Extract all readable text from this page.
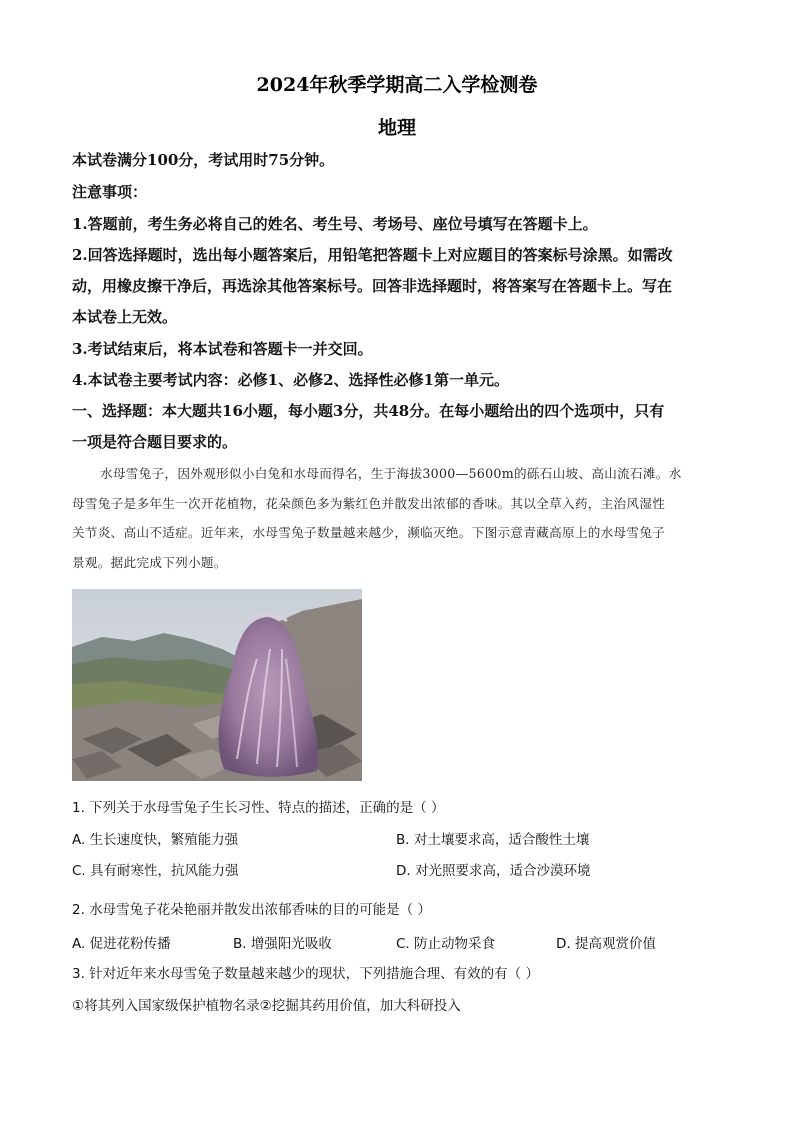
2024年秋季学期高二入学检测卷
地理
本试卷满分100分，考试用时75分钟。
注意事项：
1.答题前，考生务必将自己的姓名、考生号、考场号、座位号填写在答题卡上。
2.回答选择题时，选出每小题答案后，用铅笔把答题卡上对应题目的答案标号涂黑。如需改
动，用橡皮擦干净后，再选涂其他答案标号。回答非选择题时，将答案写在答题卡上。写在
本试卷上无效。
3.考试结束后，将本试卷和答题卡一并交回。
4.本试卷主要考试内容：必修1、必修2、选择性必修1第一单元。
一、选择题：本大题共16小题，每小题3分，共48分。在每小题给出的四个选项中，只有
一项是符合题目要求的。
水母雪兔子，因外观形似小白兔和水母而得名，生于海拔3000—5600m的砾石山坡、高山流石滩。水
母雪兔子是多年生一次开花植物，花朵颜色多为紫红色并散发出浓郁的香味。其以全草入药，主治风湿性
关节炎、高山不适症。近年来，水母雪兔子数量越来越少，濒临灭绝。下图示意青藏高原上的水母雪兔子
景观。据此完成下列小题。
1. 下列关于水母雪兔子生长习性、特点的描述，正确的是（ ）
A. 生长速度快，繁殖能力强	B. 对土壤要求高，适合酸性土壤
C. 具有耐寒性，抗风能力强	D. 对光照要求高，适合沙漠环境
2. 水母雪兔子花朵艳丽并散发出浓郁香味的目的可能是（ ）
A. 促进花粉传播	B. 增强阳光吸收	C. 防止动物采食	D. 提高观赏价值
3. 针对近年来水母雪兔子数量越来越少的现状，下列措施合理、有效的有（ ）
①将其列入国家级保护植物名录②挖掘其药用价值，加大科研投入
